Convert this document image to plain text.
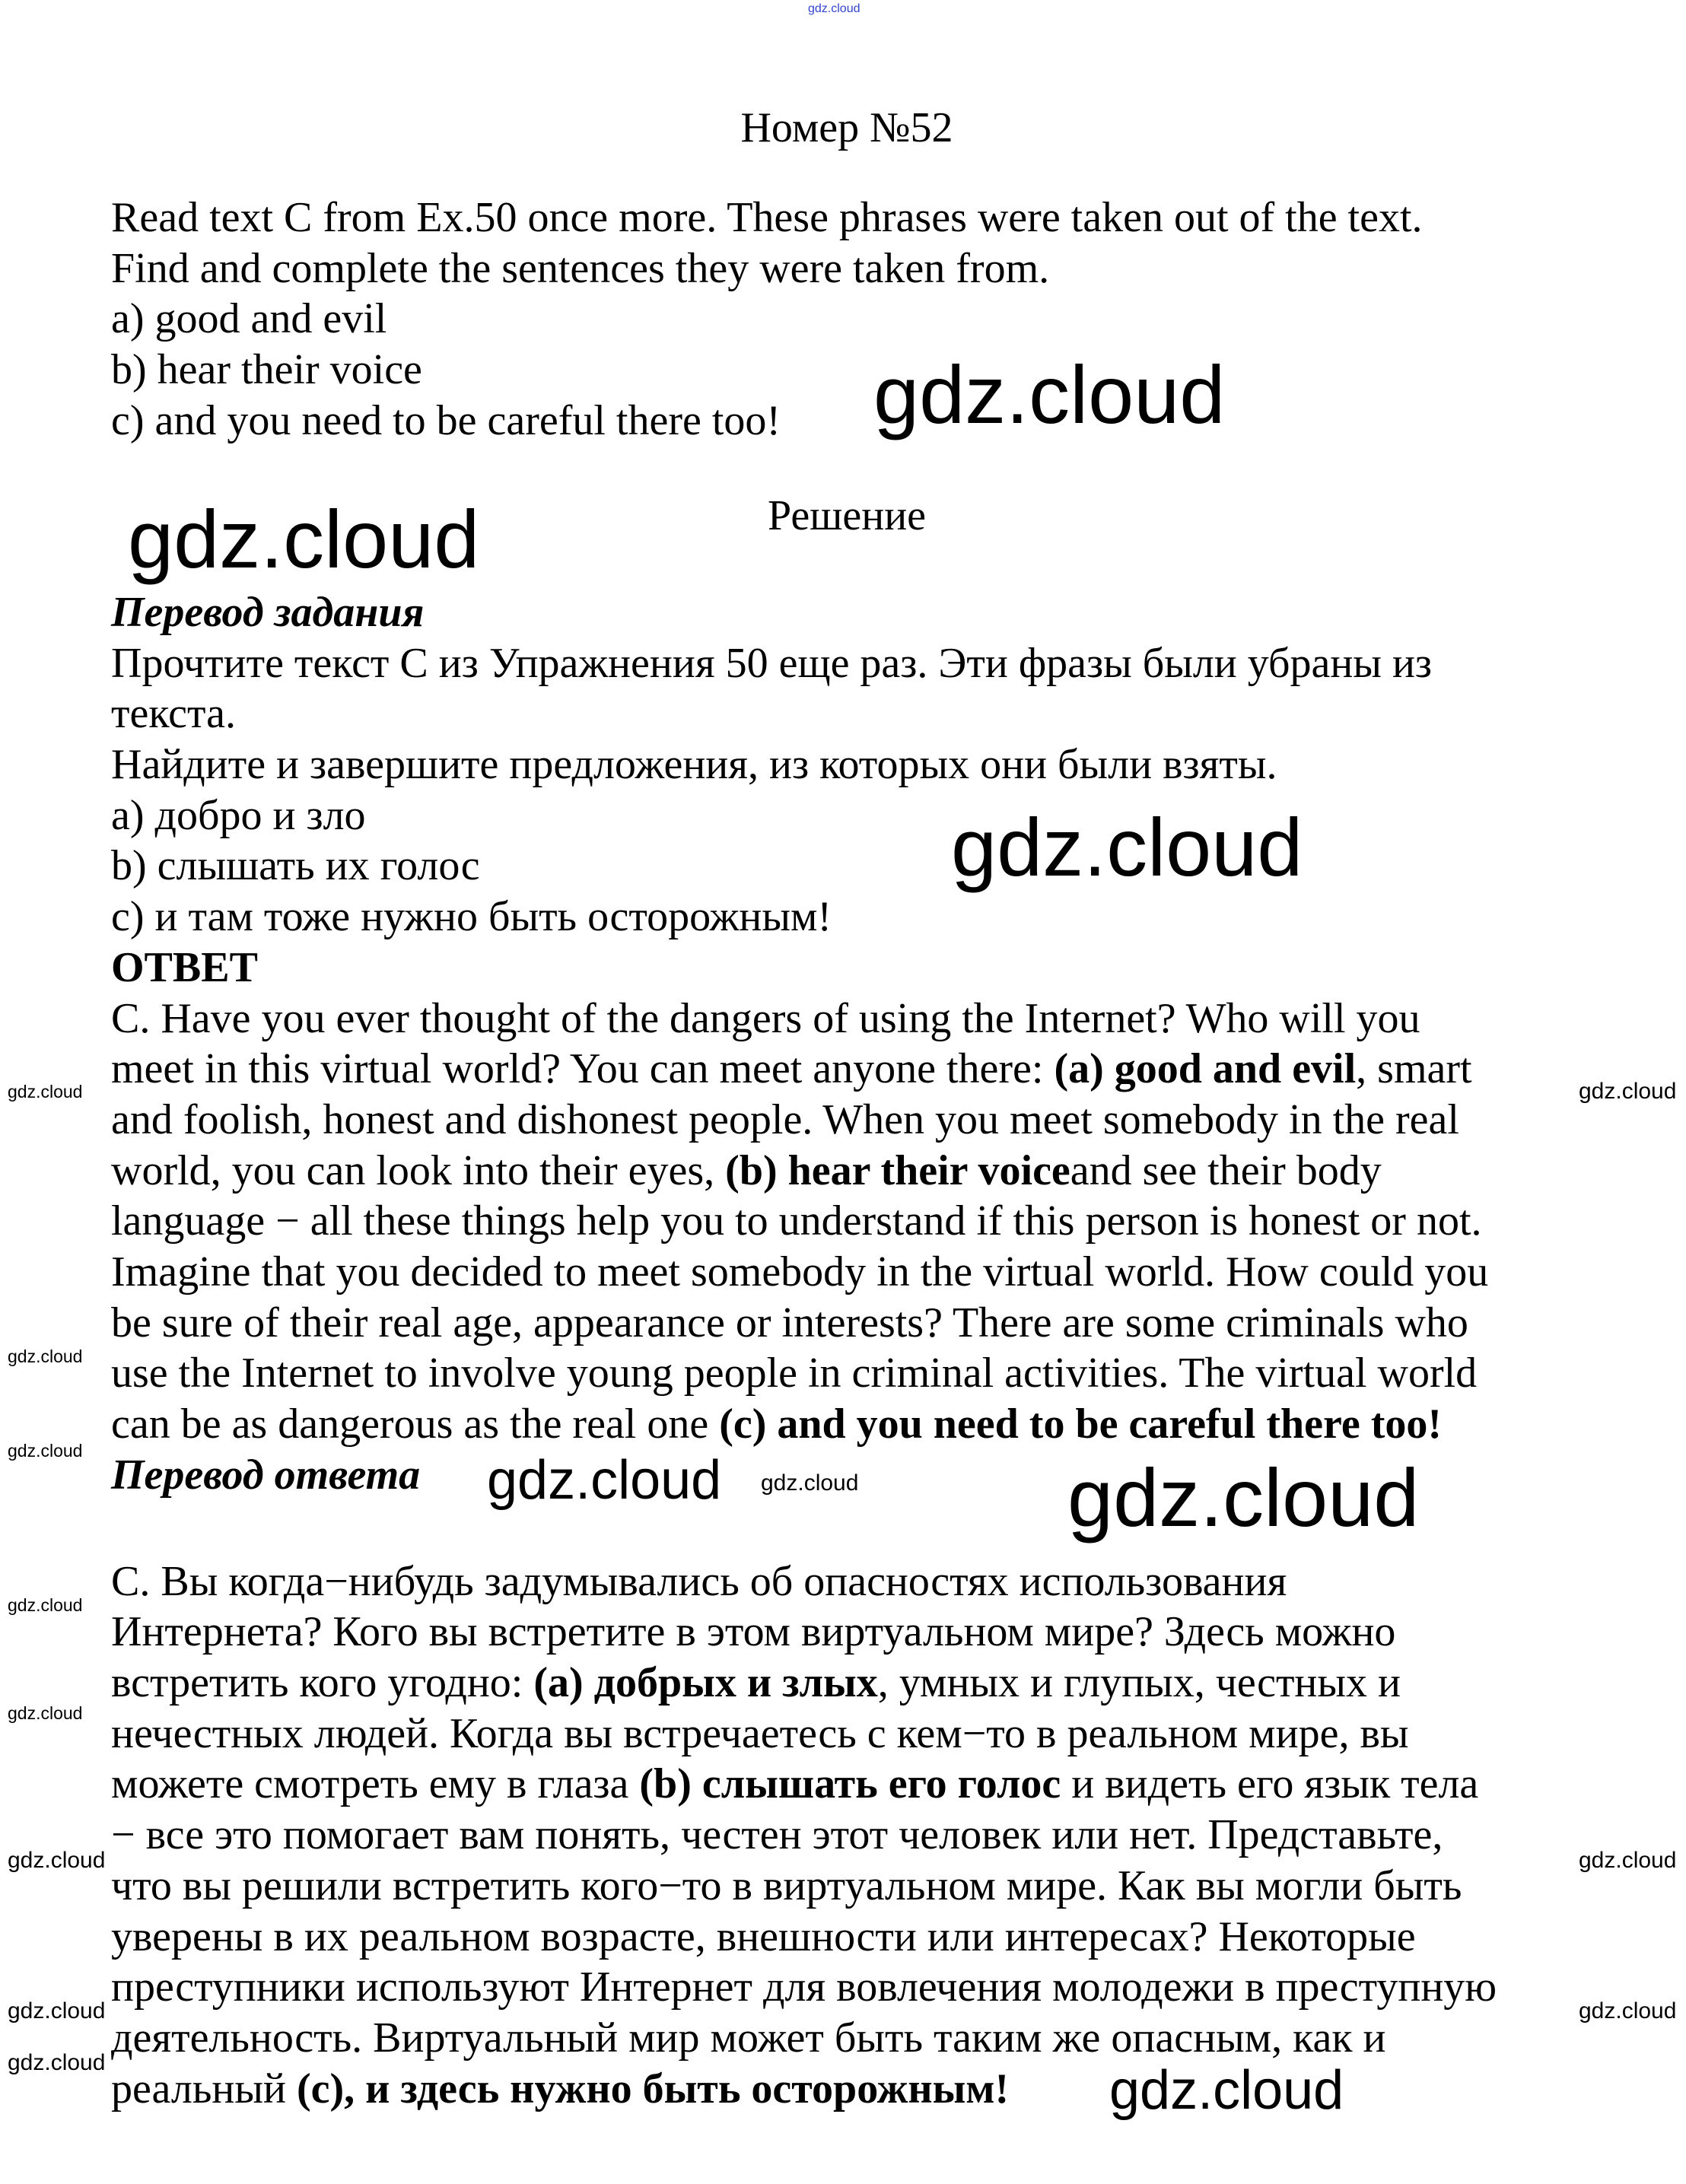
gdz.cloud
Номер №52
Read text C from Ex.50 once more. These phrases were taken out of the text.
Find and complete the sentences they were taken from.
a) good and evil
b) hear their voice
c) and you need to be careful there too!
Решение
Перевод задания
Прочтите текст С из Упражнения 50 еще раз. Эти фразы были убраны из
текста.
Найдите и завершите предложения, из которых они были взяты.
a) добро и зло
b) слышать их голос
c) и там тоже нужно быть осторожным!
ОТВЕТ
C. Have you ever thought of the dangers of using the Internet? Who will you
meet in this virtual world? You can meet anyone there: (a) good and evil, smart
and foolish, honest and dishonest people. When you meet somebody in the real
world, you can look into their eyes, (b) hear their voiceand see their body
language − all these things help you to understand if this person is honest or not.
Imagine that you decided to meet somebody in the virtual world. How could you
be sure of their real age, appearance or interests? There are some criminals who
use the Internet to involve young people in criminal activities. The virtual world
can be as dangerous as the real one (c) and you need to be careful there too!
Перевод ответа
С. Вы когда−нибудь задумывались об опасностях использования
Интернета? Кого вы встретите в этом виртуальном мире? Здесь можно
встретить кого угодно: (a) добрых и злых, умных и глупых, честных и
нечестных людей. Когда вы встречаетесь с кем−то в реальном мире, вы
можете смотреть ему в глаза (b) слышать его голос и видеть его язык тела
− все это помогает вам понять, честен этот человек или нет. Представьте,
что вы решили встретить кого−то в виртуальном мире. Как вы могли быть
уверены в их реальном возрасте, внешности или интересах? Некоторые
преступники используют Интернет для вовлечения молодежи в преступную
деятельность. Виртуальный мир может быть таким же опасным, как и
реальный (c), и здесь нужно быть осторожным!
gdz.cloud
gdz.cloud
gdz.cloud
gdz.cloud
gdz.cloud
gdz.cloud
gdz.cloud	gdz.cloud
gdz.cloud
gdz.cloud
gdz.cloud
gdz.cloud
gdz.cloud	gdz.cloud
gdz.cloud
gdz.cloud	gdz.cloud
gdz.cloud
